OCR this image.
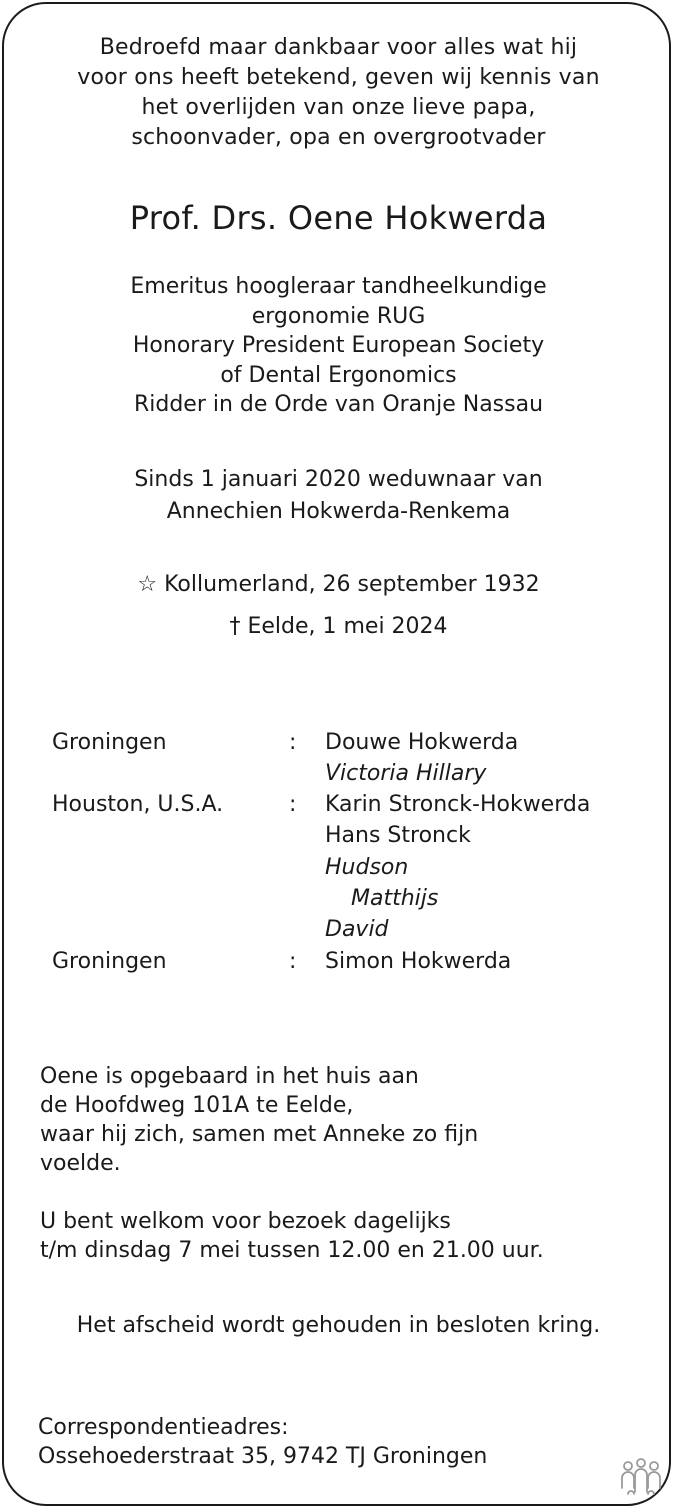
Bedroefd maar dankbaar voor alles wat hij
voor ons heeft betekend, geven wij kennis van
het overlijden van onze lieve papa,
schoonvader, opa en overgrootvader
Prof. Drs. Oene Hokwerda
Emeritus hoogleraar tandheelkundige
ergonomie RUG
Honorary President European Society
of Dental Ergonomics
Ridder in de Orde van Oranje Nassau
Sinds 1 januari 2020 weduwnaar van
Annechien Hokwerda-Renkema
☆ Kollumerland, 26 september 1932
† Eelde, 1 mei 2024
Groningen	: Douwe Hokwerda
Victoria Hillary
Houston, U.S.A.	: Karin Stronck-Hokwerda
Hans Stronck
Hudson
Matthijs
David
Groningen	: Simon Hokwerda
Oene is opgebaard in het huis aan
de Hoofdweg 101A te Eelde,
waar hij zich, samen met Anneke zo fijn
voelde.
U bent welkom voor bezoek dagelijks
t/m dinsdag 7 mei tussen 12.00 en 21.00 uur.
Het afscheid wordt gehouden in besloten kring.
Correspondentieadres:
Ossehoederstraat 35, 9742 TJ Groningen
